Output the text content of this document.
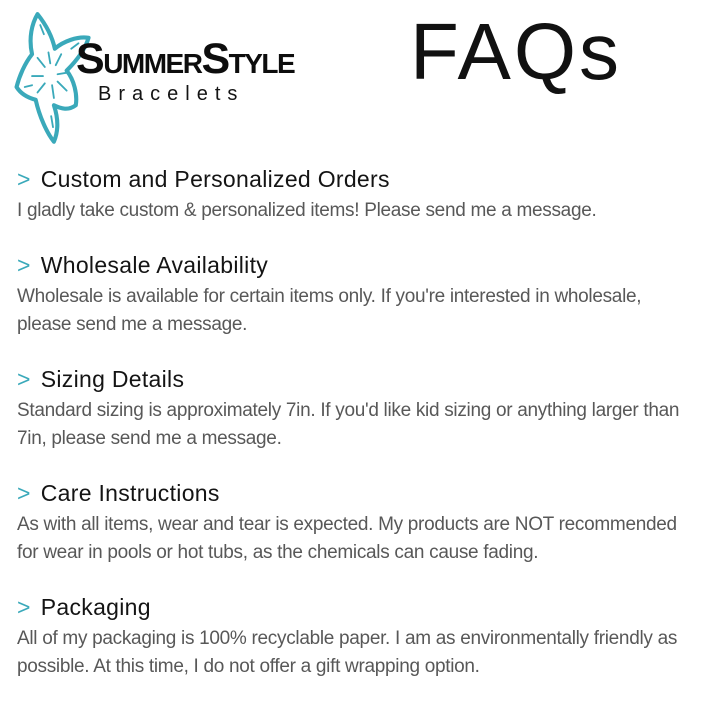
SUMMERSTYLE
Bracelets	FAQs
> Custom and Personalized Orders

I gladly take custom & personalized items! Please send me a message.

> Wholesale Availability

Wholesale is available for certain items only. If you're interested in wholesale, please send me a message.

> Sizing Details

Standard sizing is approximately 7in. If you'd like kid sizing or anything larger than 7in, please send me a message.

> Care Instructions

As with all items, wear and tear is expected. My products are NOT recommended for wear in pools or hot tubs, as the chemicals can cause fading.

> Packaging

All of my packaging is 100% recyclable paper. I am as environmentally friendly as possible. At this time, I do not offer a gift wrapping option.
